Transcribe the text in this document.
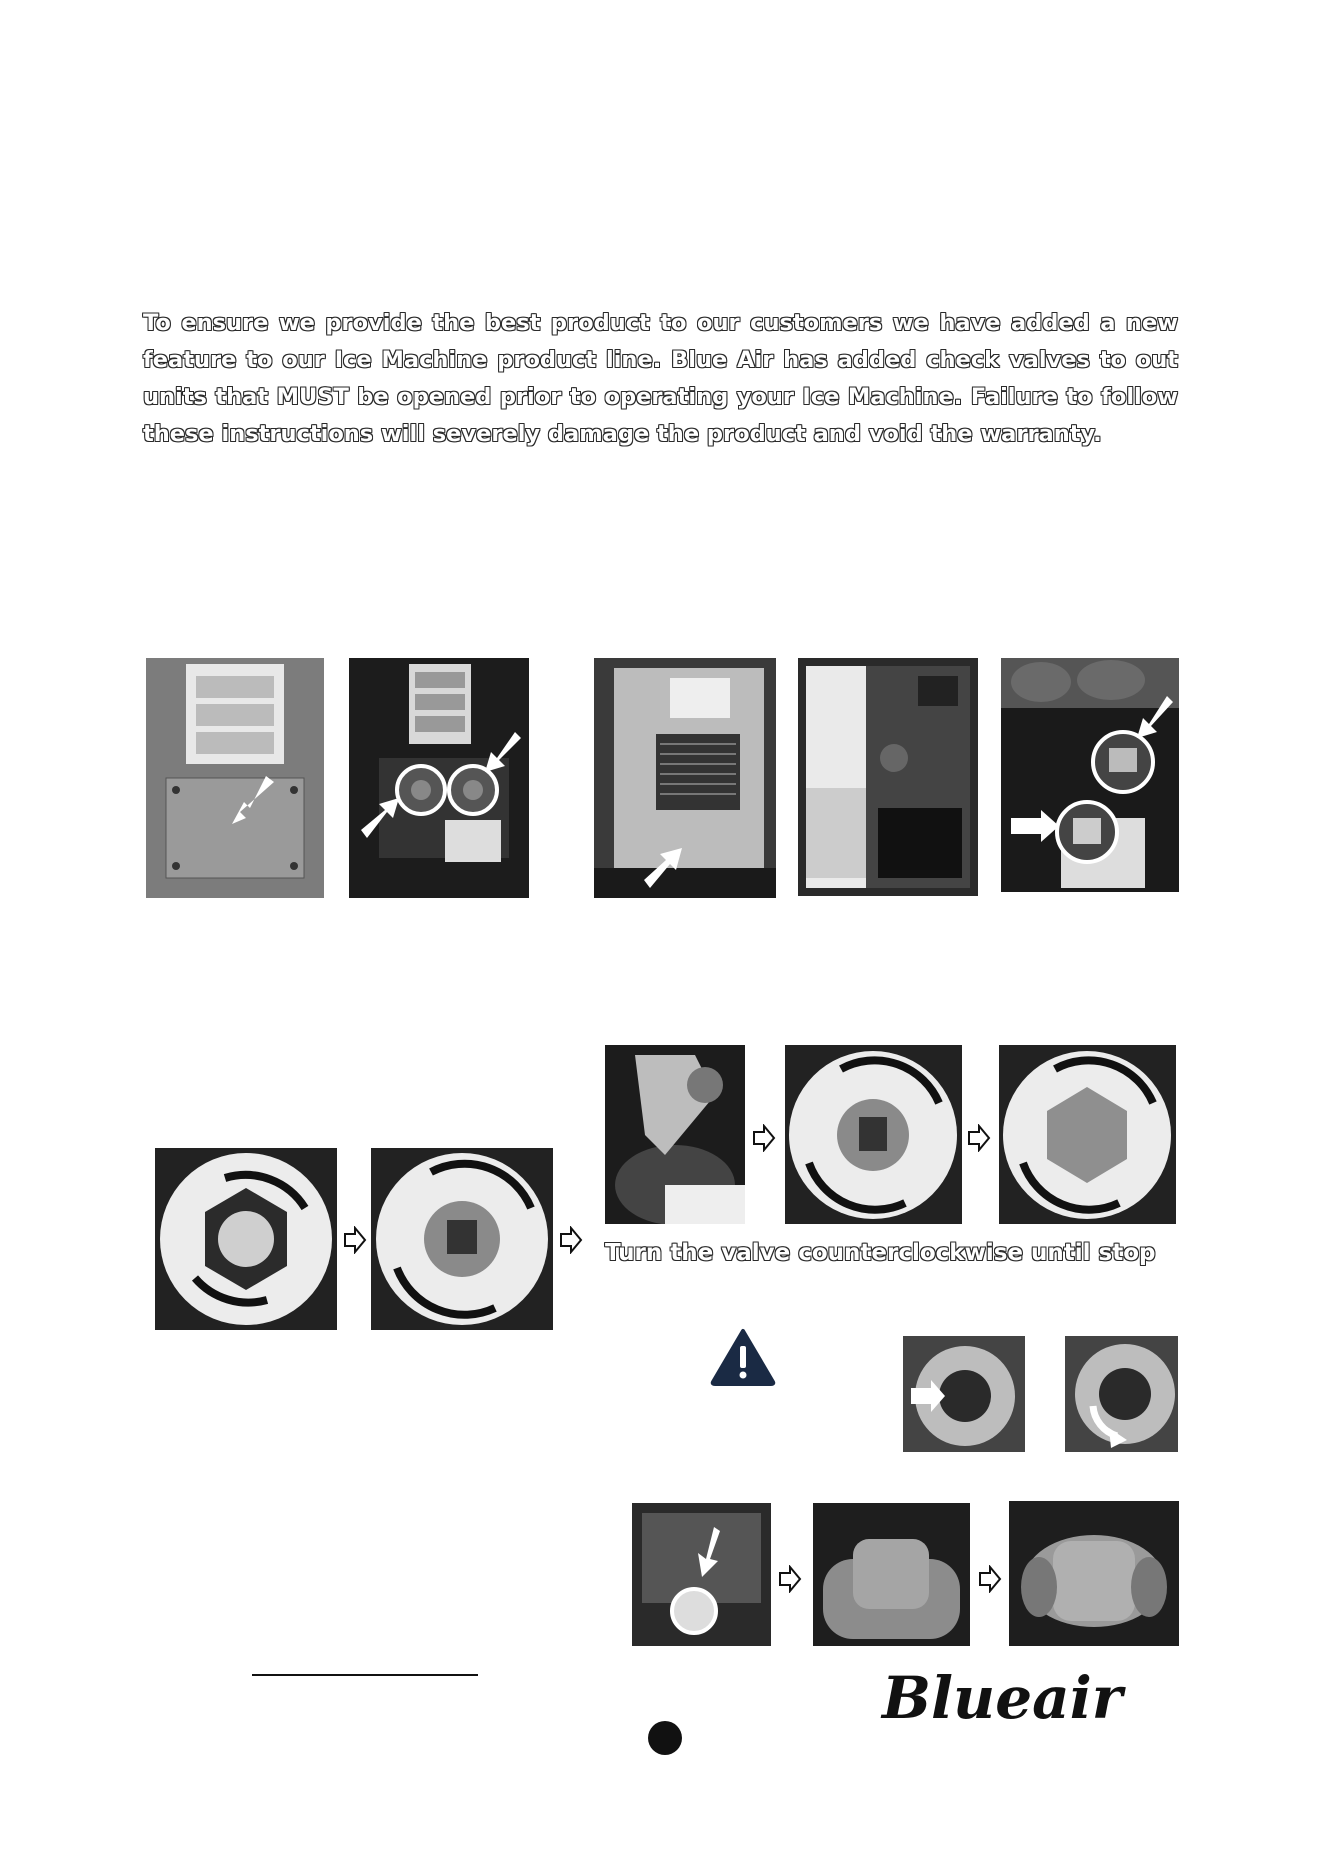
To ensure we provide the best product to our customers we have added a new feature to our Ice Machine product line. Blue Air has added check valves to out units that MUST be opened prior to operating your Ice Machine. Failure to follow these instructions will severely damage the product and void the warranty.
Turn the valve counterclockwise until stop
Blueair
